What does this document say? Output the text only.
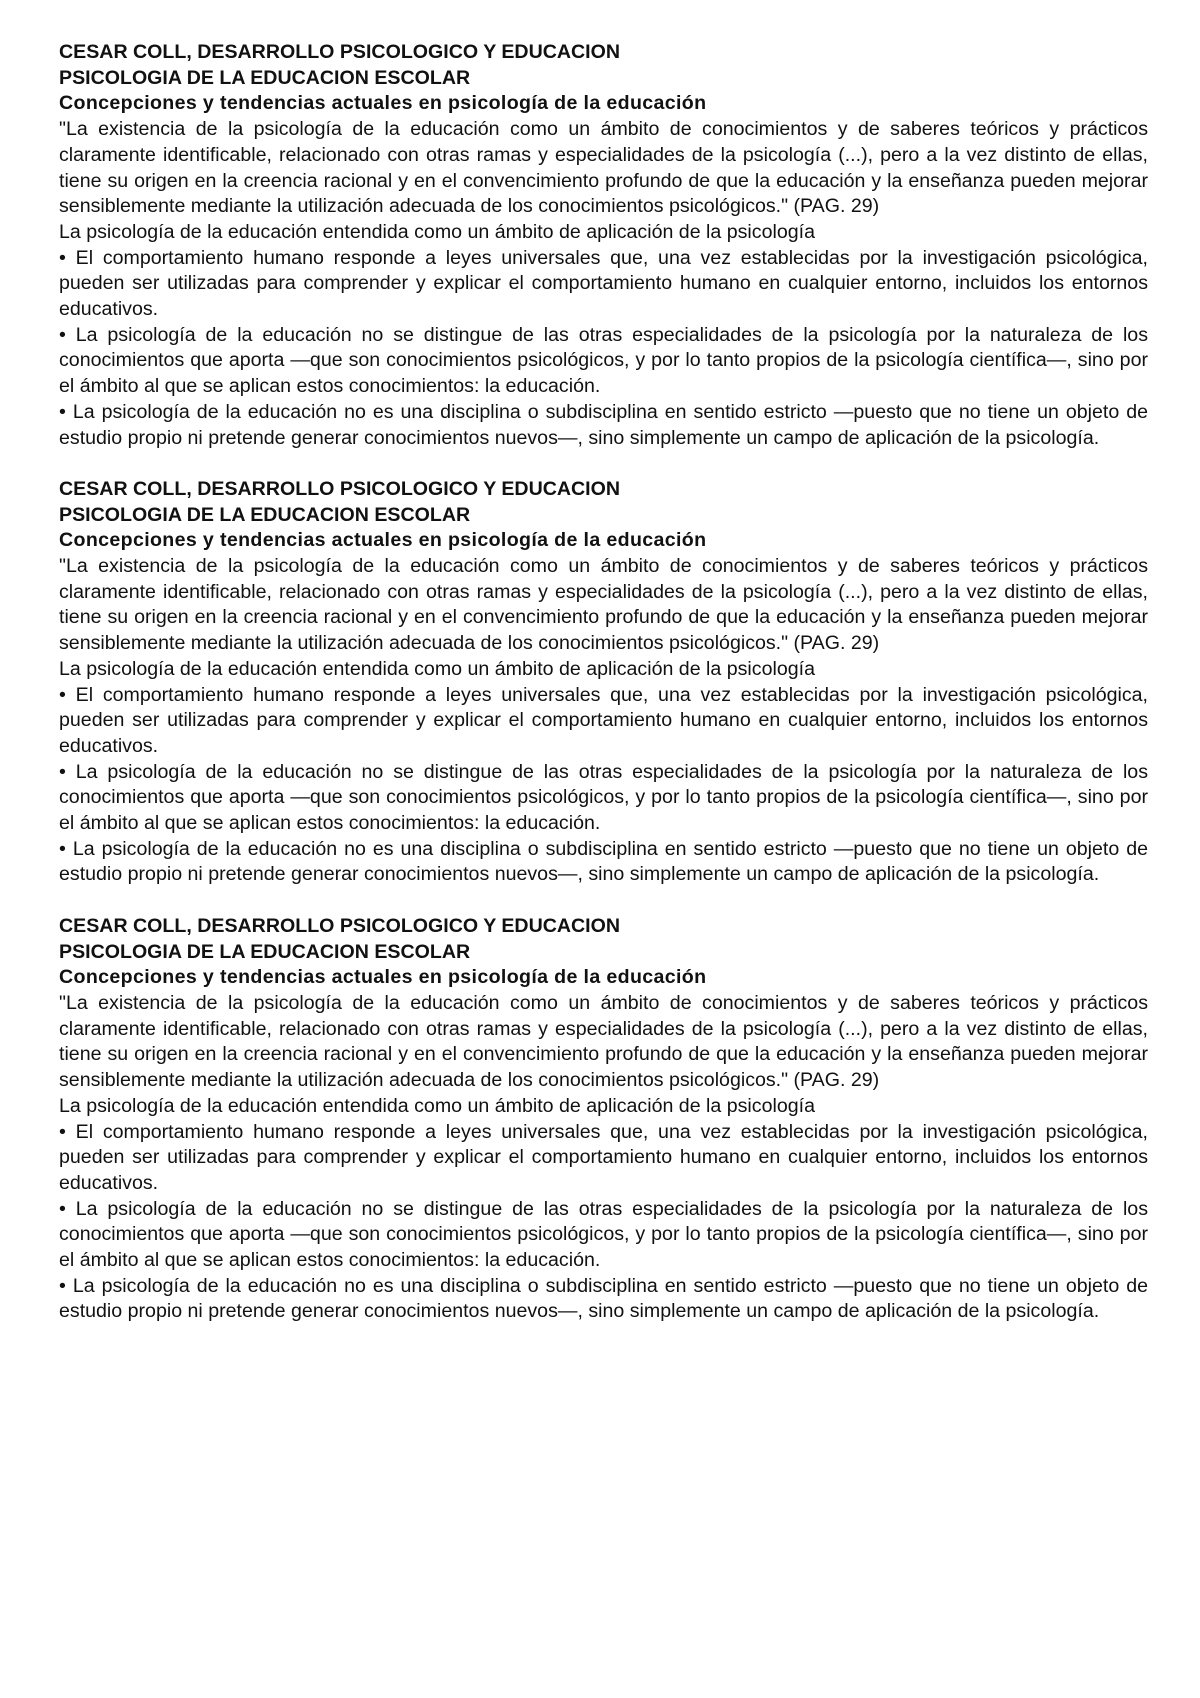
CESAR COLL, DESARROLLO PSICOLOGICO Y EDUCACION

PSICOLOGIA DE LA EDUCACION ESCOLAR

Concepciones y tendencias actuales en psicología de la educación

"La existencia de la psicología de la educación como un ámbito de conocimientos y de saberes teóricos y prácticos claramente identificable, relacionado con otras ramas y especialidades de la psicología (...), pero a la vez distinto de ellas, tiene su origen en la creencia racional y en el convencimiento profundo de que la educación y la enseñanza pueden mejorar sensiblemente mediante la utilización adecuada de los conocimientos psicológicos." (PAG. 29)

La psicología de la educación entendida como un ámbito de aplicación de la psicología

• El comportamiento humano responde a leyes universales que, una vez establecidas por la investigación psicológica, pueden ser utilizadas para comprender y explicar el comportamiento humano en cualquier entorno, incluidos los entornos educativos.

• La psicología de la educación no se distingue de las otras especialidades de la psicología por la naturaleza de los conocimientos que aporta —que son conocimientos psicológicos, y por lo tanto propios de la psicología científica—, sino por el ámbito al que se aplican estos conocimientos: la educación.

• La psicología de la educación no es una disciplina o subdisciplina en sentido estricto —puesto que no tiene un objeto de estudio propio ni pretende generar conocimientos nuevos—, sino simplemente un campo de aplicación de la psicología.

CESAR COLL, DESARROLLO PSICOLOGICO Y EDUCACION

PSICOLOGIA DE LA EDUCACION ESCOLAR

Concepciones y tendencias actuales en psicología de la educación

"La existencia de la psicología de la educación como un ámbito de conocimientos y de saberes teóricos y prácticos claramente identificable, relacionado con otras ramas y especialidades de la psicología (...), pero a la vez distinto de ellas, tiene su origen en la creencia racional y en el convencimiento profundo de que la educación y la enseñanza pueden mejorar sensiblemente mediante la utilización adecuada de los conocimientos psicológicos." (PAG. 29)

La psicología de la educación entendida como un ámbito de aplicación de la psicología

• El comportamiento humano responde a leyes universales que, una vez establecidas por la investigación psicológica, pueden ser utilizadas para comprender y explicar el comportamiento humano en cualquier entorno, incluidos los entornos educativos.

• La psicología de la educación no se distingue de las otras especialidades de la psicología por la naturaleza de los conocimientos que aporta —que son conocimientos psicológicos, y por lo tanto propios de la psicología científica—, sino por el ámbito al que se aplican estos conocimientos: la educación.

• La psicología de la educación no es una disciplina o subdisciplina en sentido estricto —puesto que no tiene un objeto de estudio propio ni pretende generar conocimientos nuevos—, sino simplemente un campo de aplicación de la psicología.

CESAR COLL, DESARROLLO PSICOLOGICO Y EDUCACION

PSICOLOGIA DE LA EDUCACION ESCOLAR

Concepciones y tendencias actuales en psicología de la educación

"La existencia de la psicología de la educación como un ámbito de conocimientos y de saberes teóricos y prácticos claramente identificable, relacionado con otras ramas y especialidades de la psicología (...), pero a la vez distinto de ellas, tiene su origen en la creencia racional y en el convencimiento profundo de que la educación y la enseñanza pueden mejorar sensiblemente mediante la utilización adecuada de los conocimientos psicológicos." (PAG. 29)

La psicología de la educación entendida como un ámbito de aplicación de la psicología

• El comportamiento humano responde a leyes universales que, una vez establecidas por la investigación psicológica, pueden ser utilizadas para comprender y explicar el comportamiento humano en cualquier entorno, incluidos los entornos educativos.

• La psicología de la educación no se distingue de las otras especialidades de la psicología por la naturaleza de los conocimientos que aporta —que son conocimientos psicológicos, y por lo tanto propios de la psicología científica—, sino por el ámbito al que se aplican estos conocimientos: la educación.

• La psicología de la educación no es una disciplina o subdisciplina en sentido estricto —puesto que no tiene un objeto de estudio propio ni pretende generar conocimientos nuevos—, sino simplemente un campo de aplicación de la psicología.
